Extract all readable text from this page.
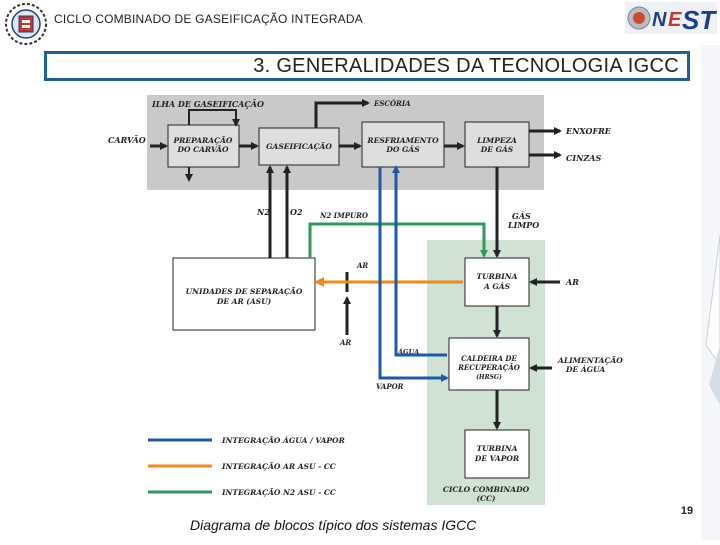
CICLO COMBINADO DE GASEIFICAÇÃO INTEGRADA	N E ST
3. GENERALIDADES DA TECNOLOGIA IGCC
ILHA DE GASEIFICAÇÃO
PREPARAÇÃO
DO CARVÃO	GASEIFICAÇÃO
RESFRIAMENTO
DO GÁS
LIMPEZA
DE GÁS
UNIDADES DE SEPARAÇÃO
DE AR (ASU)
TURBINA
A GÁS
CALDEIRA DE
RECUPERAÇÃO
(HRSG)
TURBINA
DE VAPOR
CICLO COMBINADO
(CC)
CARVÃO
ESCÓRIA
ENXOFRE
CINZAS
N2	O2	GÁS
LIMPO
AR
AR
AR
ALIMENTAÇÃO
DE ÁGUA
N2 IMPURO
ÁGUA
VAPOR
INTEGRAÇÃO ÁGUA / VAPOR
INTEGRAÇÃO AR ASU - CC
INTEGRAÇÃO N2 ASU - CC
Diagrama de blocos típico dos sistemas IGCC
19
